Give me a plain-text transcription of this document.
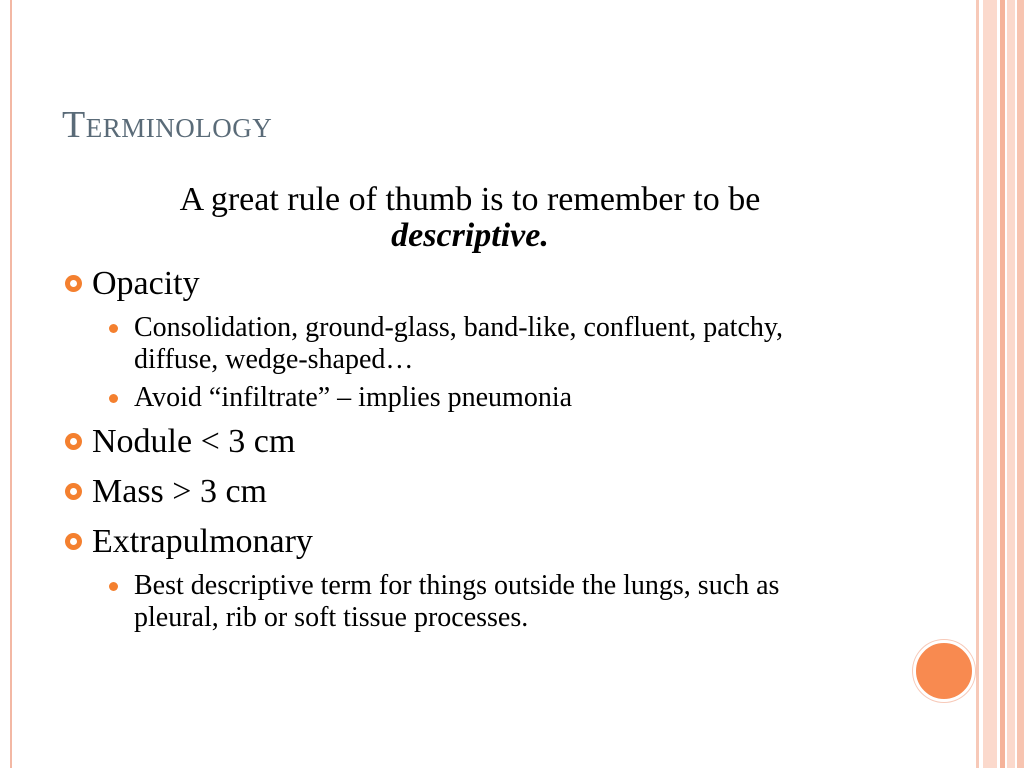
Terminology
A great rule of thumb is to remember to be
descriptive.
Opacity
Consolidation, ground-glass, band-like, confluent, patchy, diffuse, wedge-shaped…
Avoid “infiltrate” – implies pneumonia
Nodule < 3 cm
Mass > 3 cm
Extrapulmonary
Best descriptive term for things outside the lungs, such as pleural, rib or soft tissue processes.
